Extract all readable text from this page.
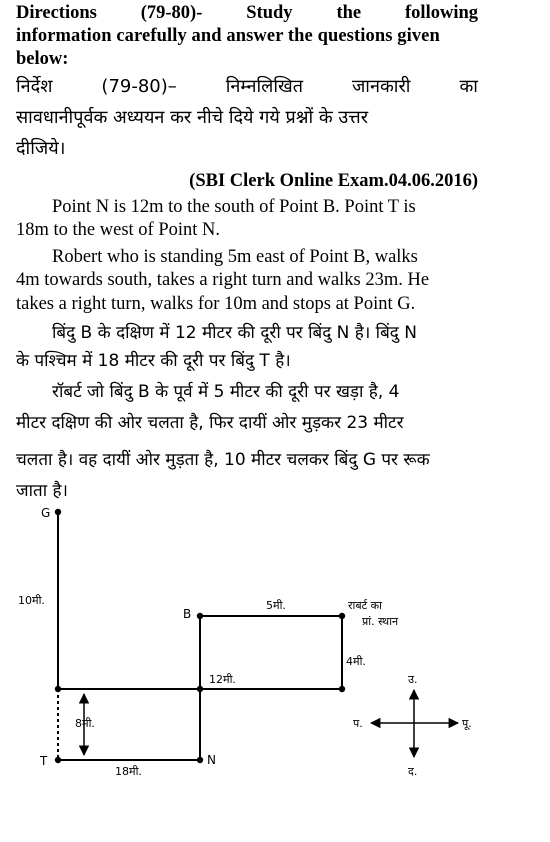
Directions (79-80)- Study the following
information carefully and answer the questions given
below:
निर्देश	(79-80)–	निम्नलिखित	जानकारी	का
सावधानीपूर्वक अध्ययन कर नीचे दिये गये प्रश्नों के उत्तर
दीजिये।
(SBI Clerk Online Exam.04.06.2016)
Point N is 12m to the south of Point B. Point T is
18m to the west of Point N.
Robert who is standing 5m east of Point B, walks
4m towards south, takes a right turn and walks 23m. He
takes a right turn, walks for 10m and stops at Point G.
बिंदु B के दक्षिण में 12 मीटर की दूरी पर बिंदु N है। बिंदु N
के पश्चिम में 18 मीटर की दूरी पर बिंदु T है।
रॉबर्ट जो बिंदु B के पूर्व में 5 मीटर की दूरी पर खड़ा है, 4
मीटर दक्षिण की ओर चलता है, फिर दायीं ओर मुड़कर 23 मीटर
चलता है। वह दायीं ओर मुड़ता है, 10 मीटर चलकर बिंदु G पर रूक
जाता है।
G
B
T	N
10मी.	5मी.
4मी.
12मी.
8मी.
18मी.
राबर्ट का
प्रां. स्थान
उ.
द.
पू.
प.
